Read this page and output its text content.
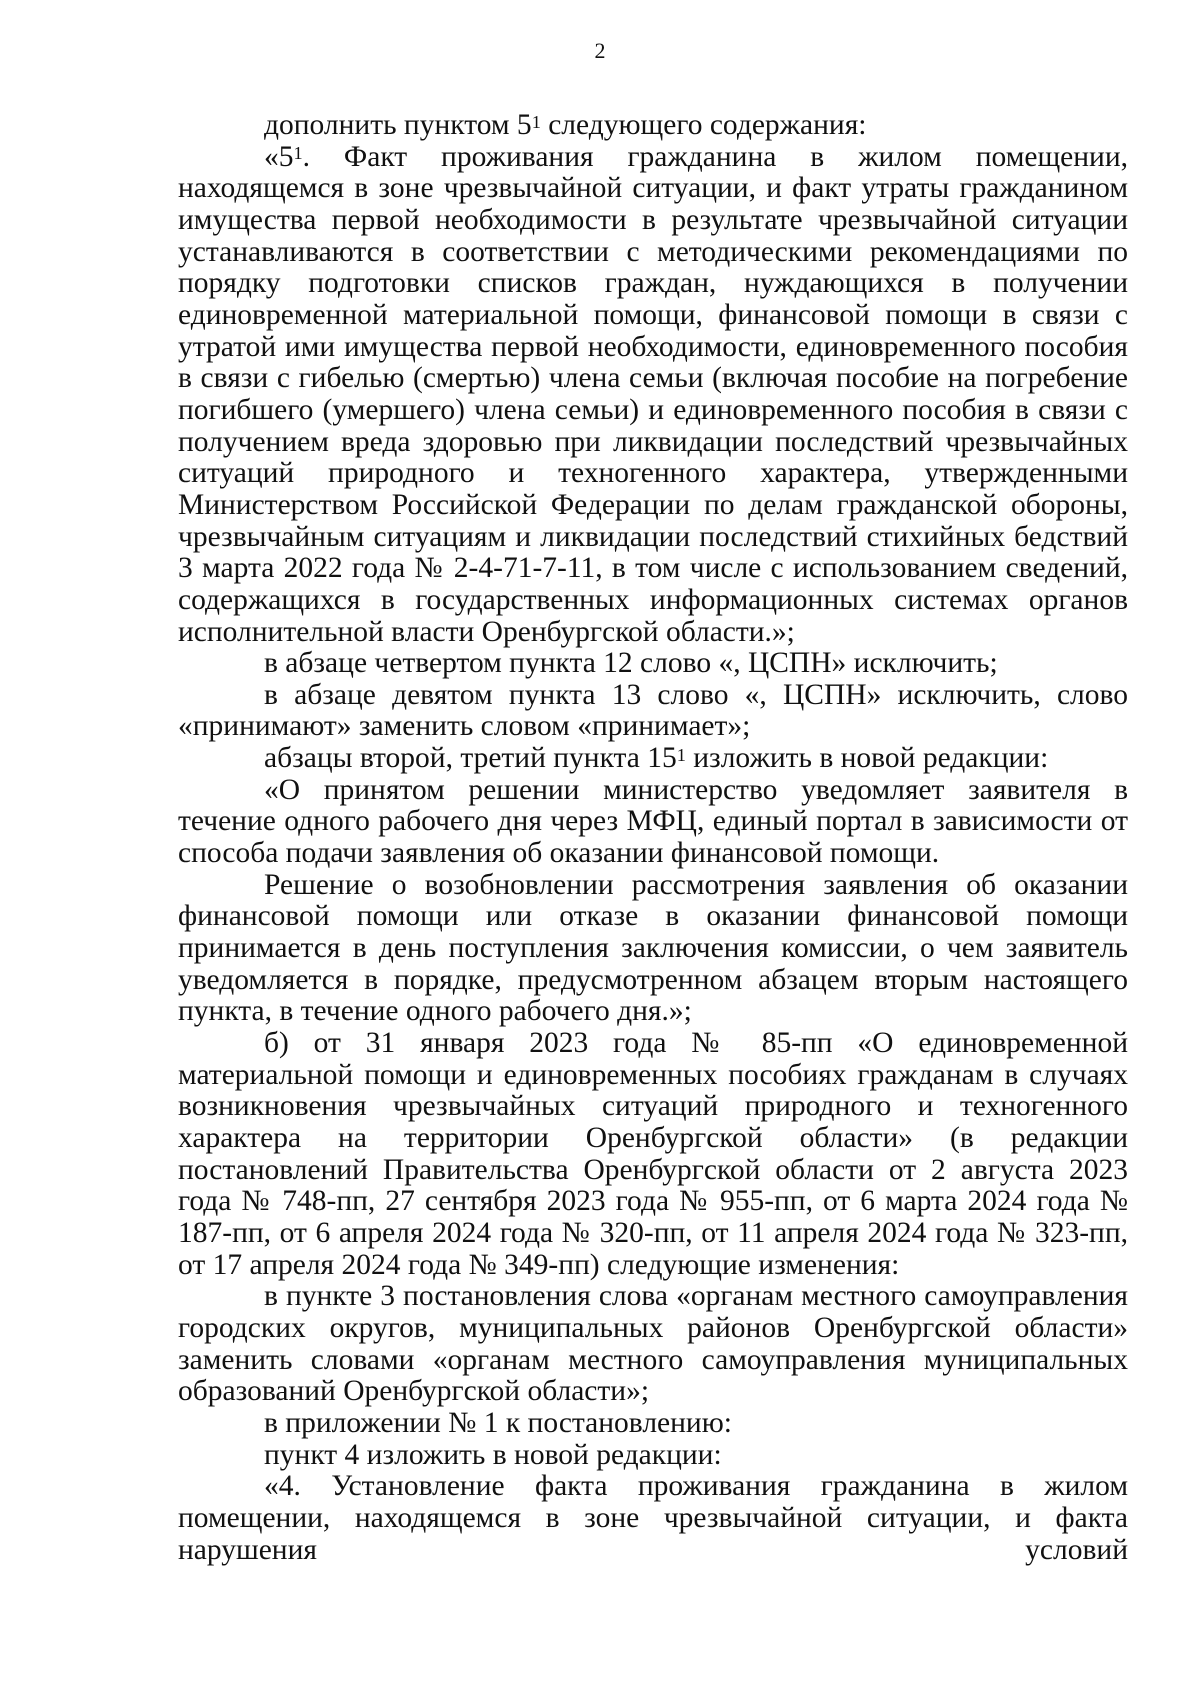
2

дополнить пунктом $5^1$ следующего содержания:

«$5^1$. Факт проживания гражданина в жилом помещении, находящемся в зоне чрезвычайной ситуации, и факт утраты гражданином имущества первой необходимости в результате чрезвычайной ситуации устанавливаются в соответствии с методическими рекомендациями по порядку подготовки списков граждан, нуждающихся в получении единовременной материальной помощи, финансовой помощи в связи с утратой ими имущества первой необходимости, единовременного пособия в связи с гибелью (смертью) члена семьи (включая пособие на погребение погибшего (умершего) члена семьи) и единовременного пособия в связи с получением вреда здоровью при ликвидации последствий чрезвычайных ситуаций природного и техногенного характера, утвержденными Министерством Российской Федерации по делам гражданской обороны, чрезвычайным ситуациям и ликвидации последствий стихийных бедствий 3 марта 2022 года № 2-4-71-7-11, в том числе с использованием сведений, содержащихся в государственных информационных системах органов исполнительной власти Оренбургской области.»;

в абзаце четвертом пункта 12 слово «, ЦСПН» исключить;

в абзаце девятом пункта 13 слово «, ЦСПН» исключить, слово «принимают» заменить словом «принимает»;

абзацы второй, третий пункта $15^1$ изложить в новой редакции:

«О принятом решении министерство уведомляет заявителя в течение одного рабочего дня через МФЦ, единый портал в зависимости от способа подачи заявления об оказании финансовой помощи.

Решение о возобновлении рассмотрения заявления об оказании финансовой помощи или отказе в оказании финансовой помощи принимается в день поступления заключения комиссии, о чем заявитель уведомляется в порядке, предусмотренном абзацем вторым настоящего пункта, в течение одного рабочего дня.»;

б) от 31 января 2023 года № 85-пп «О единовременной материальной помощи и единовременных пособиях гражданам в случаях возникновения чрезвычайных ситуаций природного и техногенного характера на территории Оренбургской области» (в редакции постановлений Правительства Оренбургской области от 2 августа 2023 года № 748-пп, 27 сентября 2023 года № 955-пп, от 6 марта 2024 года № 187-пп, от 6 апреля 2024 года № 320-пп, от 11 апреля 2024 года № 323-пп, от 17 апреля 2024 года № 349-пп) следующие изменения:

в пункте 3 постановления слова «органам местного самоуправления городских округов, муниципальных районов Оренбургской области» заменить словами «органам местного самоуправления муниципальных образований Оренбургской области»;

в приложении № 1 к постановлению:

пункт 4 изложить в новой редакции:

«4. Установление факта проживания гражданина в жилом помещении, находящемся в зоне чрезвычайной ситуации, и факта нарушения условий
